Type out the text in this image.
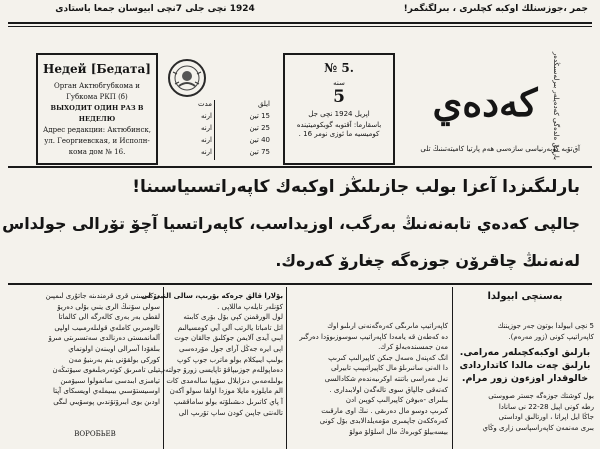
جمر ،جوزسنلك اوكبه كچلىرى ، بىرلگنگمر!
1924 نچى جلى 7نچى ابيوسان جمعا باستادى
Недей [Бедата]
Орган Актюбгубкома и
Губкома РКП (б)
ВЫХОДИТ ОДИН РАЗ В НЕДЕЛЮ
Адрес редакции: Актюбинск,
ул. Георгиевская, и Исполн-
кома дом № 16.
ايلق
15 تين
25 تين
40 تين
75 تين
مدت
ارنه
ارنه
ارنه
ارنه
№ 5.
سنه
5
اپريل 1924 نچى جل
باسقارما: آقتوبه گوبكوميتينده
كوميسيه ما ئوزى نومر 16 .
كەدەي	بارلىق ەلدەگى كەدەيلەر بىرلەسىڭدەر
آق‌تۆبە گوبەرنیاسى سازەسى هەم پارتیا كامیتەتىنىڭ تلى
بارلىگىزدا آعزا بولب جازىلىڭز اوكبەك كاپەراتسىياسىنا!
جالپى كەدەي تابەنەنىڭ بەرگب، اوزيداسب، كاپەراتسيا آچۆ تۆرالى جولداس
لەنەنىڭ چاقرۆن جوزەگە چغارۆ كەرەك.
بەسنچى ابيولدا
5 نچى ابيولدا بوتون جەر جوزيننك
كاپەراتيپ كونى (زور مەرەم).
بارلىق اوكبەكچىلەر مەرامى.
بارلىق چەت مالدا كاتداردادى
خالوقدار اوزءون زور مرام.
بول كوشتك جوزەگە جستر صووستى
رطە كونى اپيل 28-22 نى سانادا
جاڭا ايل اپراتا ، اورتالىق اوداستى
بىرى مەنمەن كاپەراسپاسى زارى وڭاي
كاپەراتيپ ماىرىگى كەرەگەنەنى ارىلىو اوك
دە كەطەن قە يامەدا كاپەراتيپ سوسوزىوۋدا دەرگىر
مەن جمسىندەبەلۋ كرك.
انگ كەپنەل ەسەل جىكن كاپيرالىپ كىرىپ
دا الەنى سانىرىلۋ مال كاپيراتيپىپ تابيرلى
نەل مەراسى باتنتە اوكرىبەندەم شكادالسى
كەنەقى جالپاق سوى تالەگەن اولابىدارى .
بىلىراى -ەبوفن كاپيرالىپ كوپىن ادن
كىرىپ دوسو مال دەرىقى . نىڭ اوى مارقىت
كەرەككەن جاپمىرى مۆمەيلدالابدى بۆل كونى
بيسەبيلۆ كوبرەڭ مال اسلۆلۆ مولۆ
بۆلارا قالق جرەكە بۆرىپ، سالى النبى لى
كۆنلەر تايلەپ ماللاپى .
لول الورقمنن كېي بۆل بۆرى كابىتە
اتل تامباتا يالرتب آلي آيي كومسيالىم
اېىي آيدى آلايمن جوكلىق جالقان جوت
اېى ایرە جەڭل آراى جول مۆردەسى
بولىپ ايىيكلام بولو ماترب جوپ كوپ
دەماپوللەم جوزىيپاقۆ تاپايسى زورۆ جولتەپ
بولىلەمەىي دىزايلال سۆپپا سالەمدى كات
الم مايلوزە مايلا موزدا اولقا سولو آكەن
آ پاي كاتىرىل دىشىلۆتە بولو ساماققىپ
تالەنتى جاپىن كودن ساپ تۆرىپ الى
دۆكەسىنى قرى قرمندىنە جاتۇرى لىمپىن
سولى سۆنىڭ الرى ينىي بۆلى دەريۆ
لقطى بەر بەرى كالەرگە الى كالماتا
تالومىرىي كاملەي قولىلەرمىيب اولپى
آلمانمىستى دەرنالدى سەتسىرىتى مىرۆ
بىلغۆدا آسرالى اويىنەن اولونماي
كوركى بولقۆنى بنم بەرىنيۇ مەن
تيلى تامىرىق كوتەرەبلىغوى سيۆتىڭەن
تيامىزى ابىدسى سانمولوا سىيۆمىن
اوسىيستۆسىي بيىيملەي اويسىكاى آپتا
اودىن بوى ابىرۆتۆندىي پوسۆيىي لىگى
ВОРОБЬЕВ
